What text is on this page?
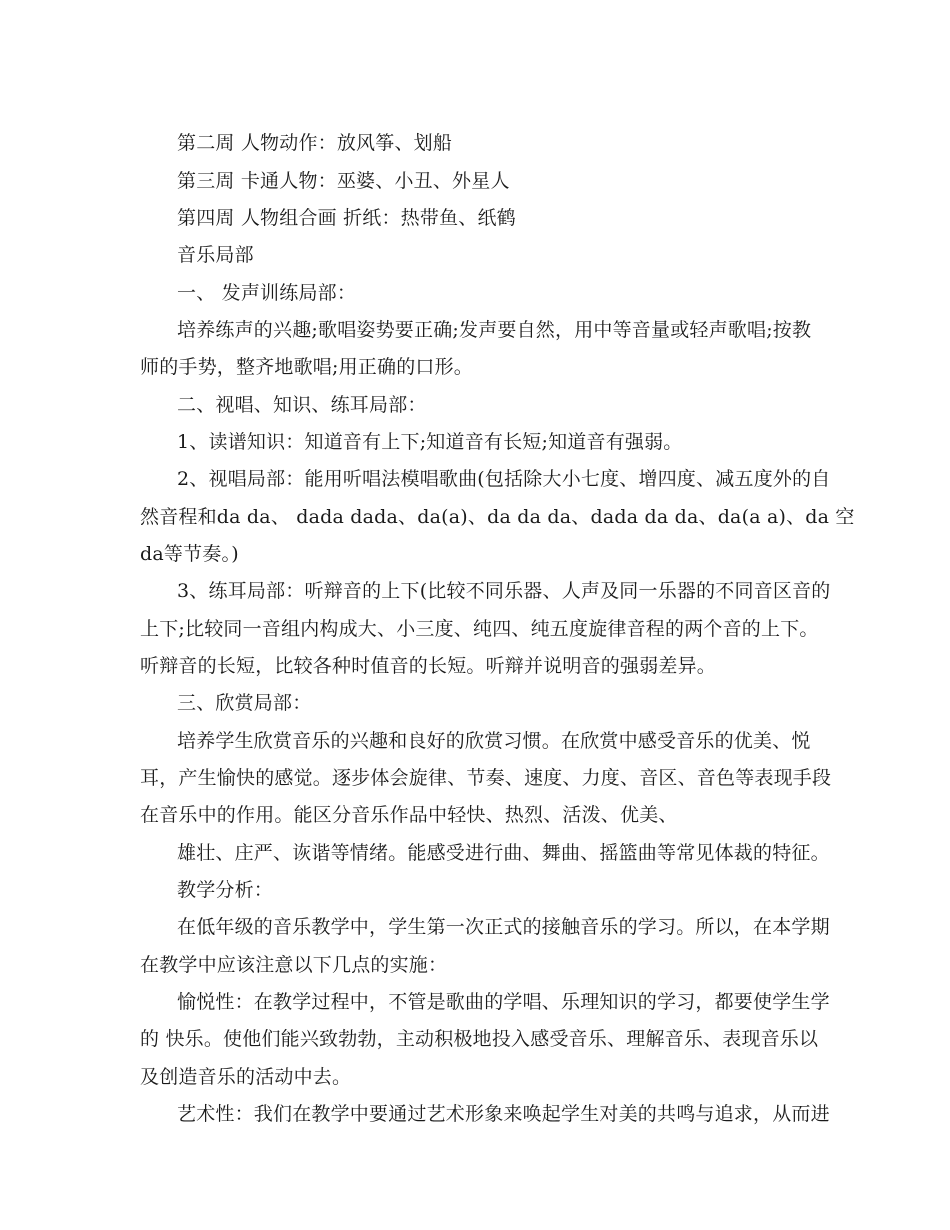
第二周 人物动作：放风筝、划船
第三周 卡通人物：巫婆、小丑、外星人
第四周 人物组合画 折纸：热带鱼、纸鹤
音乐局部
一、 发声训练局部：
培养练声的兴趣;歌唱姿势要正确;发声要自然，用中等音量或轻声歌唱;按教
师的手势，整齐地歌唱;用正确的口形。
二、视唱、知识、练耳局部：
1、读谱知识：知道音有上下;知道音有长短;知道音有强弱。
2、视唱局部：能用听唱法模唱歌曲(包括除大小七度、增四度、减五度外的自
然音程和da da、 dada dada、da(a)、da da da、dada da da、da(a a)、da 空
da等节奏。)
3、练耳局部：听辩音的上下(比较不同乐器、人声及同一乐器的不同音区音的
上下;比较同一音组内构成大、小三度、纯四、纯五度旋律音程的两个音的上下。
听辩音的长短，比较各种时值音的长短。听辩并说明音的强弱差异。
三、欣赏局部：
培养学生欣赏音乐的兴趣和良好的欣赏习惯。在欣赏中感受音乐的优美、悦
耳，产生愉快的感觉。逐步体会旋律、节奏、速度、力度、音区、音色等表现手段
在音乐中的作用。能区分音乐作品中轻快、热烈、活泼、优美、
雄壮、庄严、诙谐等情绪。能感受进行曲、舞曲、摇篮曲等常见体裁的特征。
教学分析：
在低年级的音乐教学中，学生第一次正式的接触音乐的学习。所以，在本学期
在教学中应该注意以下几点的实施：
愉悦性：在教学过程中，不管是歌曲的学唱、乐理知识的学习，都要使学生学
的 快乐。使他们能兴致勃勃，主动积极地投入感受音乐、理解音乐、表现音乐以
及创造音乐的活动中去。
艺术性：我们在教学中要通过艺术形象来唤起学生对美的共鸣与追求，从而进
